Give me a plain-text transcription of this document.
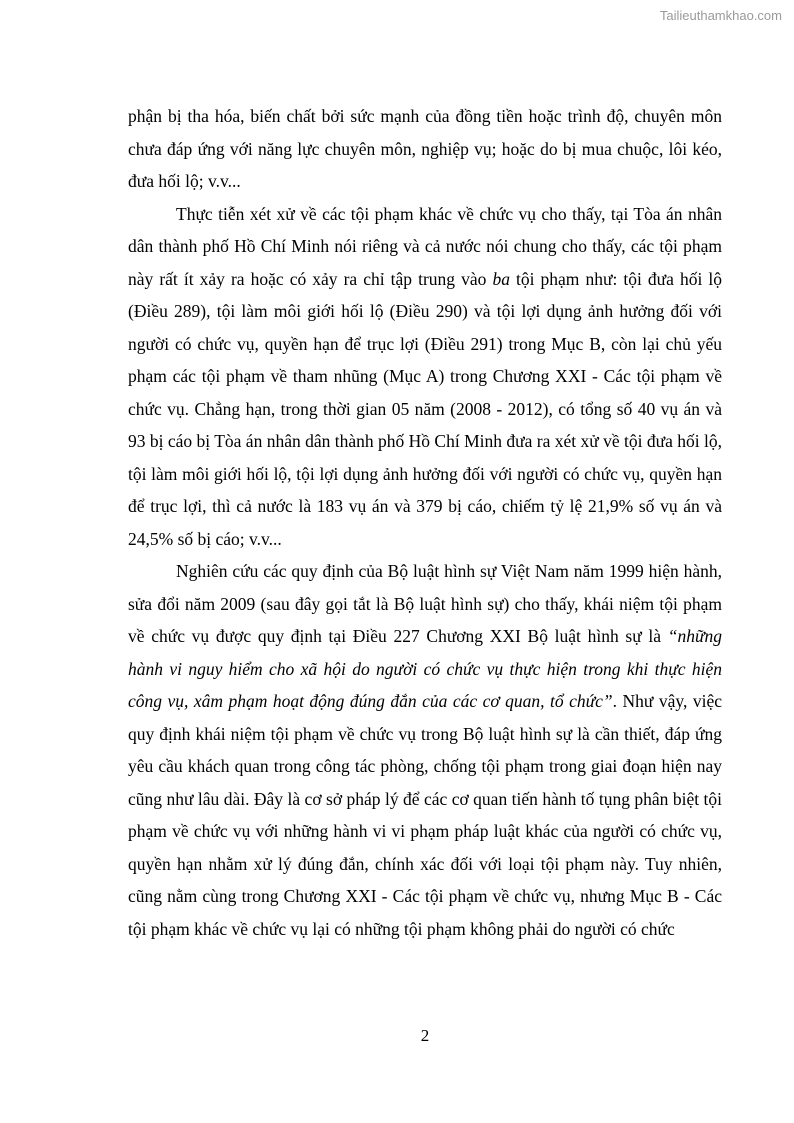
Tailieuthamkhao.com

phận bị tha hóa, biến chất bởi sức mạnh của đồng tiền hoặc trình độ, chuyên môn chưa đáp ứng với năng lực chuyên môn, nghiệp vụ; hoặc do bị mua chuộc, lôi kéo, đưa hối lộ; v.v...

Thực tiễn xét xử về các tội phạm khác về chức vụ cho thấy, tại Tòa án nhân dân thành phố Hồ Chí Minh nói riêng và cả nước nói chung cho thấy, các tội phạm này rất ít xảy ra hoặc có xảy ra chỉ tập trung vào ba tội phạm như: tội đưa hối lộ (Điều 289), tội làm môi giới hối lộ (Điều 290) và tội lợi dụng ảnh hưởng đối với người có chức vụ, quyền hạn để trục lợi (Điều 291) trong Mục B, còn lại chủ yếu phạm các tội phạm về tham nhũng (Mục A) trong Chương XXI - Các tội phạm về chức vụ. Chẳng hạn, trong thời gian 05 năm (2008 - 2012), có tổng số 40 vụ án và 93 bị cáo bị Tòa án nhân dân thành phố Hồ Chí Minh đưa ra xét xử về tội đưa hối lộ, tội làm môi giới hối lộ, tội lợi dụng ảnh hưởng đối với người có chức vụ, quyền hạn để trục lợi, thì cả nước là 183 vụ án và 379 bị cáo, chiếm tỷ lệ 21,9% số vụ án và 24,5% số bị cáo; v.v...

Nghiên cứu các quy định của Bộ luật hình sự Việt Nam năm 1999 hiện hành, sửa đổi năm 2009 (sau đây gọi tắt là Bộ luật hình sự) cho thấy, khái niệm tội phạm về chức vụ được quy định tại Điều 227 Chương XXI Bộ luật hình sự là “những hành vi nguy hiểm cho xã hội do người có chức vụ thực hiện trong khi thực hiện công vụ, xâm phạm hoạt động đúng đắn của các cơ quan, tổ chức”. Như vậy, việc quy định khái niệm tội phạm về chức vụ trong Bộ luật hình sự là cần thiết, đáp ứng yêu cầu khách quan trong công tác phòng, chống tội phạm trong giai đoạn hiện nay cũng như lâu dài. Đây là cơ sở pháp lý để các cơ quan tiến hành tố tụng phân biệt tội phạm về chức vụ với những hành vi vi phạm pháp luật khác của người có chức vụ, quyền hạn nhằm xử lý đúng đắn, chính xác đối với loại tội phạm này. Tuy nhiên, cũng nằm cùng trong Chương XXI - Các tội phạm về chức vụ, nhưng Mục B - Các tội phạm khác về chức vụ lại có những tội phạm không phải do người có chức

2
